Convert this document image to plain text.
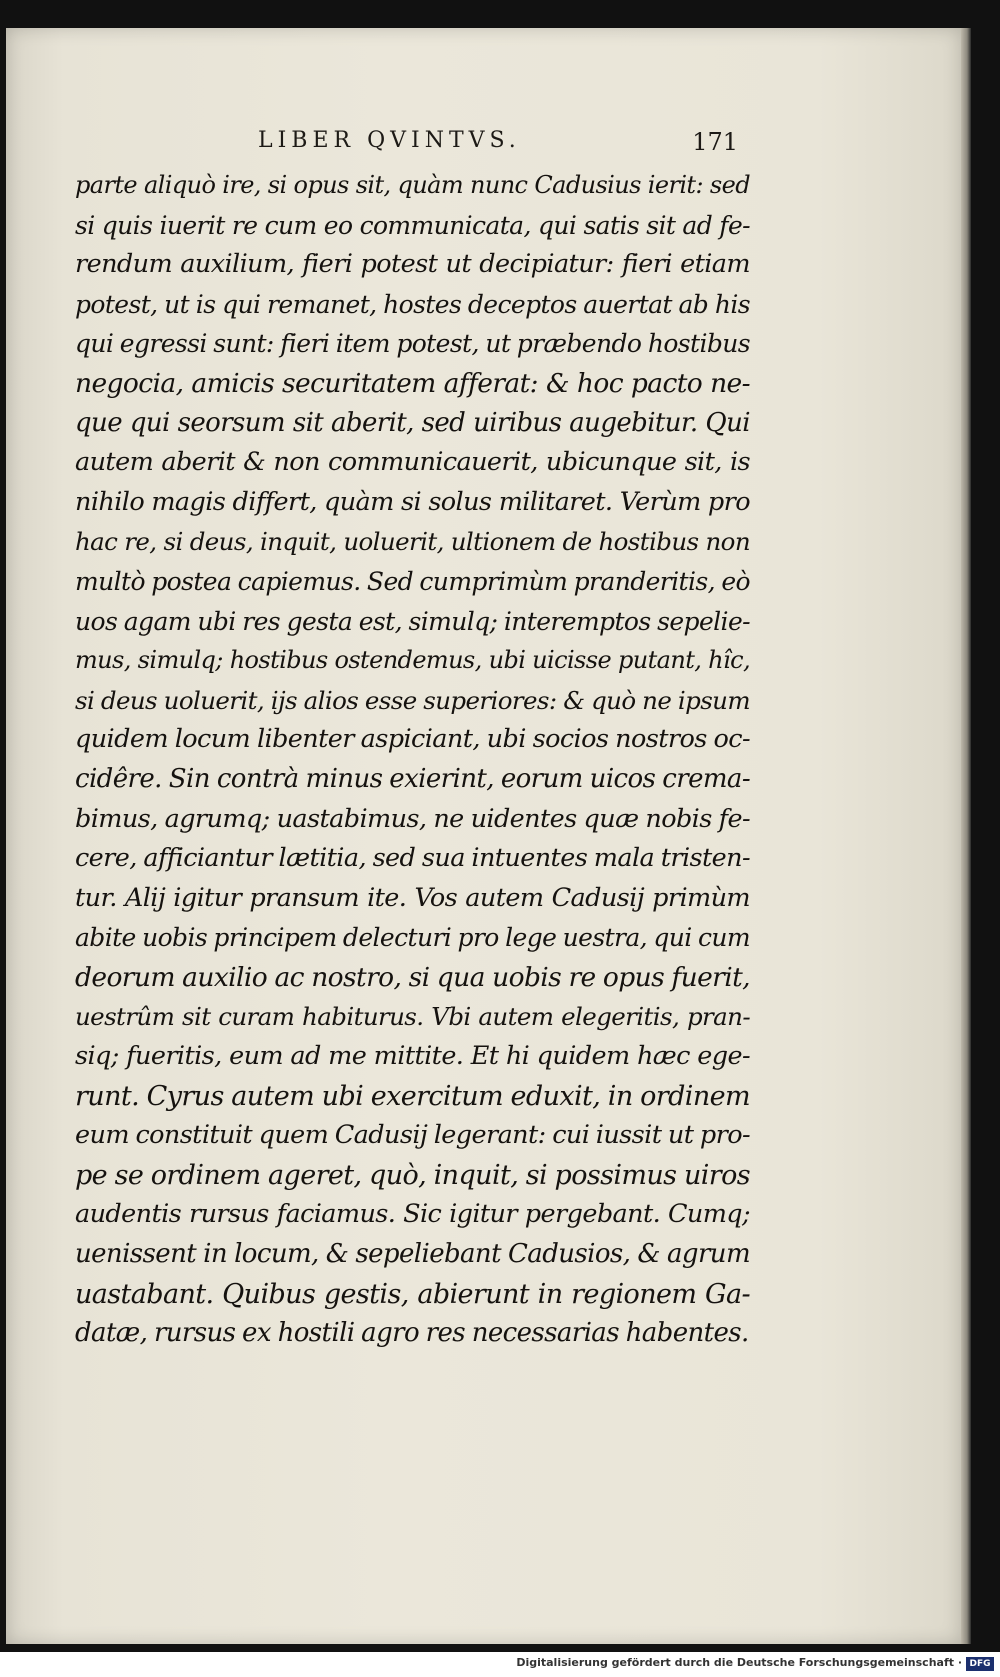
LIBER QVINTVS.	171
parte aliquò ire, si opus sit, quàm nunc Cadusius ierit: sed
si quis iuerit re cum eo communicata, qui satis sit ad fe-
rendum auxilium, fieri potest ut decipiatur: fieri etiam
potest, ut is qui remanet, hostes deceptos auertat ab his
qui egressi sunt: fieri item potest, ut præbendo hostibus
negocia, amicis securitatem afferat: & hoc pacto ne-
que qui seorsum sit aberit, sed uiribus augebitur. Qui
autem aberit & non communicauerit, ubicunque sit, is
nihilo magis differt, quàm si solus militaret. Verùm pro
hac re, si deus, inquit, uoluerit, ultionem de hostibus non
multò postea capiemus. Sed cumprimùm pranderitis, eò
uos agam ubi res gesta est, simulq; interemptos sepelie-
mus, simulq; hostibus ostendemus, ubi uicisse putant, hîc,
si deus uoluerit, ijs alios esse superiores: & quò ne ipsum
quidem locum libenter aspiciant, ubi socios nostros oc-
cidêre. Sin contrà minus exierint, eorum uicos crema-
bimus, agrumq; uastabimus, ne uidentes quæ nobis fe-
cere, afficiantur lætitia, sed sua intuentes mala tristen-
tur. Alij igitur pransum ite. Vos autem Cadusij primùm
abite uobis principem delecturi pro lege uestra, qui cum
deorum auxilio ac nostro, si qua uobis re opus fuerit,
uestrûm sit curam habiturus. Vbi autem elegeritis, pran-
siq; fueritis, eum ad me mittite. Et hi quidem hæc ege-
runt. Cyrus autem ubi exercitum eduxit, in ordinem
eum constituit quem Cadusij legerant: cui iussit ut pro-
pe se ordinem ageret, quò, inquit, si possimus uiros
audentis rursus faciamus. Sic igitur pergebant. Cumq;
uenissent in locum, & sepeliebant Cadusios, & agrum
uastabant. Quibus gestis, abierunt in regionem Ga-
datæ, rursus ex hostili agro res necessarias habentes.
Digitalisierung gefördert durch die Deutsche Forschungsgemeinschaft · DFG
